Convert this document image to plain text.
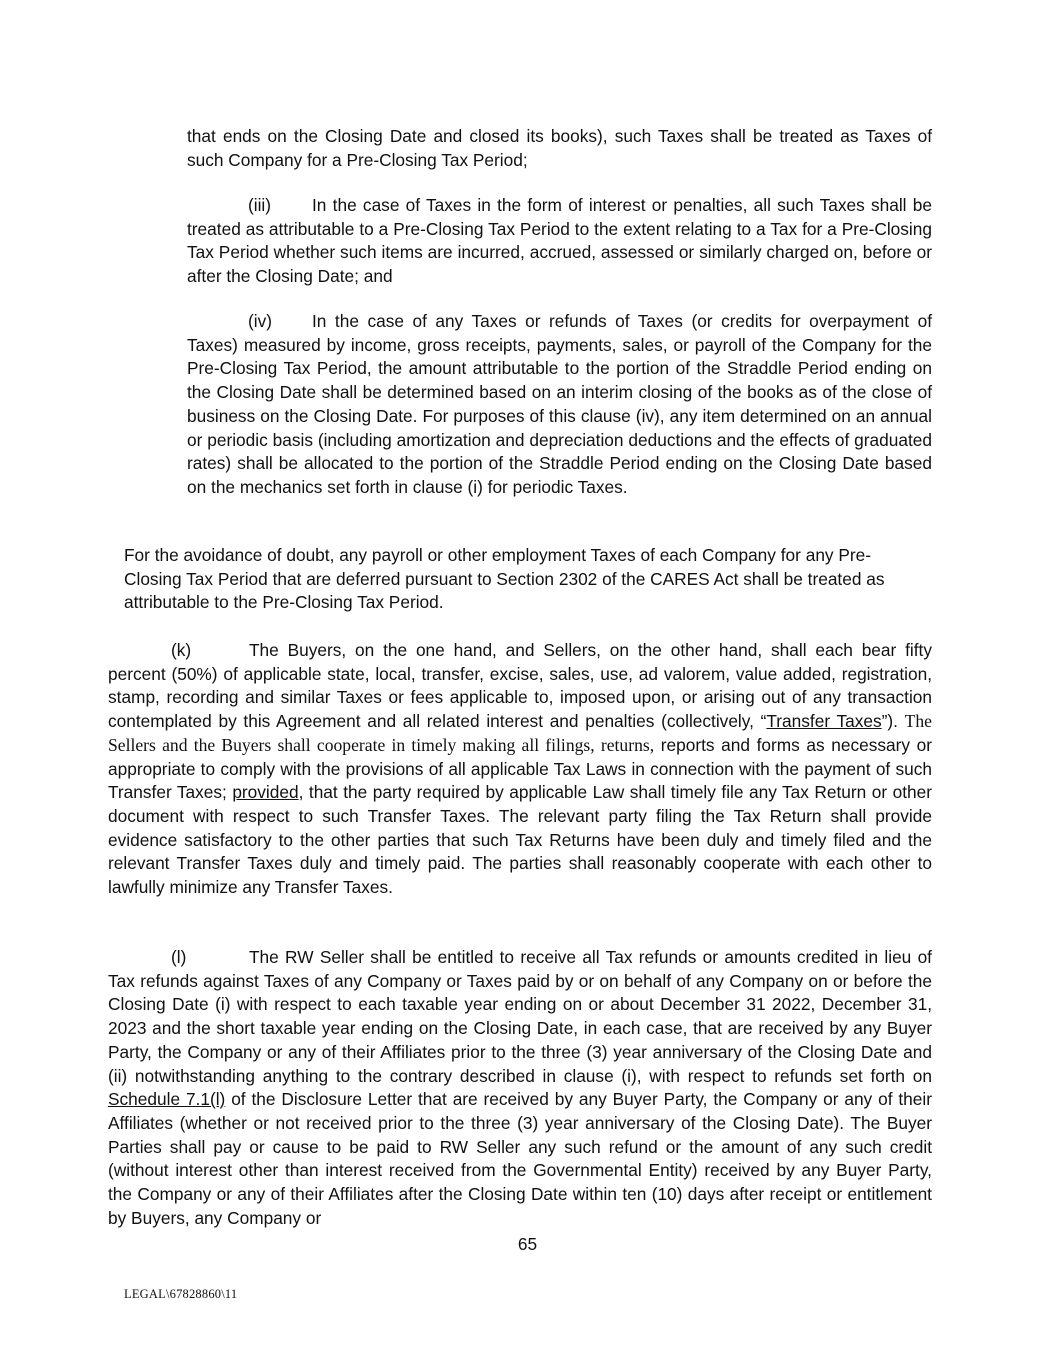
that ends on the Closing Date and closed its books), such Taxes shall be treated as Taxes of such Company for a Pre-Closing Tax Period;

(iii) In the case of Taxes in the form of interest or penalties, all such Taxes shall be treated as attributable to a Pre-Closing Tax Period to the extent relating to a Tax for a Pre-Closing Tax Period whether such items are incurred, accrued, assessed or similarly charged on, before or after the Closing Date; and

(iv) In the case of any Taxes or refunds of Taxes (or credits for overpayment of Taxes) measured by income, gross receipts, payments, sales, or payroll of the Company for the Pre-Closing Tax Period, the amount attributable to the portion of the Straddle Period ending on the Closing Date shall be determined based on an interim closing of the books as of the close of business on the Closing Date. For purposes of this clause (iv), any item determined on an annual or periodic basis (including amortization and depreciation deductions and the effects of graduated rates) shall be allocated to the portion of the Straddle Period ending on the Closing Date based on the mechanics set forth in clause (i) for periodic Taxes.

For the avoidance of doubt, any payroll or other employment Taxes of each Company for any Pre-Closing Tax Period that are deferred pursuant to Section 2302 of the CARES Act shall be treated as attributable to the Pre-Closing Tax Period.

(k)	The Buyers, on the one hand, and Sellers, on the other hand, shall each bear fifty percent (50%) of applicable state, local, transfer, excise, sales, use, ad valorem, value added, registration, stamp, recording and similar Taxes or fees applicable to, imposed upon, or arising out of any transaction contemplated by this Agreement and all related interest and penalties (collectively, “Transfer Taxes”). The Sellers and the Buyers shall cooperate in timely making all filings, returns, reports and forms as necessary or appropriate to comply with the provisions of all applicable Tax Laws in connection with the payment of such Transfer Taxes; provided, that the party required by applicable Law shall timely file any Tax Return or other document with respect to such Transfer Taxes. The relevant party filing the Tax Return shall provide evidence satisfactory to the other parties that such Tax Returns have been duly and timely filed and the relevant Transfer Taxes duly and timely paid. The parties shall reasonably cooperate with each other to lawfully minimize any Transfer Taxes.

(l)	The RW Seller shall be entitled to receive all Tax refunds or amounts credited in lieu of Tax refunds against Taxes of any Company or Taxes paid by or on behalf of any Company on or before the Closing Date (i) with respect to each taxable year ending on or about December 31 2022, December 31, 2023 and the short taxable year ending on the Closing Date, in each case, that are received by any Buyer Party, the Company or any of their Affiliates prior to the three (3) year anniversary of the Closing Date and (ii) notwithstanding anything to the contrary described in clause (i), with respect to refunds set forth on Schedule 7.1(l) of the Disclosure Letter that are received by any Buyer Party, the Company or any of their Affiliates (whether or not received prior to the three (3) year anniversary of the Closing Date). The Buyer Parties shall pay or cause to be paid to RW Seller any such refund or the amount of any such credit (without interest other than interest received from the Governmental Entity) received by any Buyer Party, the Company or any of their Affiliates after the Closing Date within ten (10) days after receipt or entitlement by Buyers, any Company or

65
LEGAL\67828860\11
